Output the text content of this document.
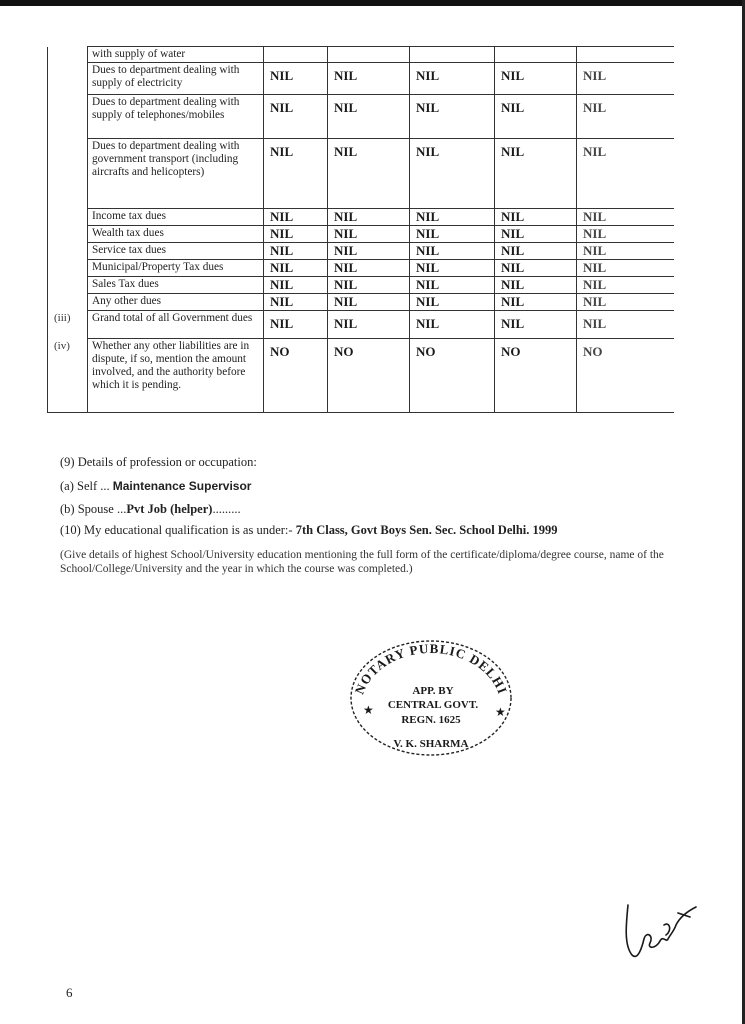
	with supply of water					
	Dues to department dealing with supply of electricity	NIL	NIL	NIL	NIL	NIL
	Dues to department dealing with supply of telephones/mobiles	NIL	NIL	NIL	NIL	NIL
	Dues to department dealing with government transport (including aircrafts and helicopters)	NIL	NIL	NIL	NIL	NIL
	Income tax dues	NIL	NIL	NIL	NIL	NIL
	Wealth tax dues	NIL	NIL	NIL	NIL	NIL
	Service tax dues	NIL	NIL	NIL	NIL	NIL
	Municipal/Property Tax dues	NIL	NIL	NIL	NIL	NIL
	Sales Tax dues	NIL	NIL	NIL	NIL	NIL
	Any other dues	NIL	NIL	NIL	NIL	NIL
(iii)	Grand total of all Government dues	NIL	NIL	NIL	NIL	NIL
(iv)	Whether any other liabilities are in dispute, if so, mention the amount involved, and the authority before which it is pending.	NO	NO	NO	NO	NO
(9) Details of profession or occupation:
(a) Self ... Maintenance Supervisor
(b) Spouse ...Pvt Job (helper).........
(10) My educational qualification is as under:- 7th Class, Govt Boys Sen. Sec. School Delhi. 1999
(Give details of highest School/University education mentioning the full form of the certificate/diploma/degree course, name of the School/College/University and the year in which the course was completed.)
NOTARY PUBLIC DELHI
APP. BY
CENTRAL GOVT.
REGN. 1625
V. K. SHARMA
★	★
6
